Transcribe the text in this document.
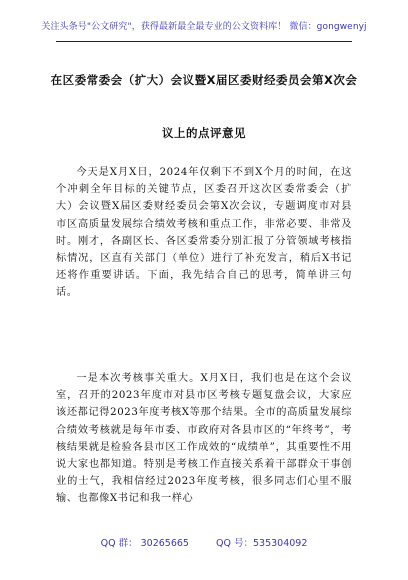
关注头条号"公文研究"，获得最新最全最专业的公文资料库！ 微信：gongwenyj
在区委常委会（扩大）会议暨X届区委财经委员会第X次会
议上的点评意见
今天是X月X日，2024年仅剩下不到X个月的时间，在这个冲刺全年目标的关键节点，区委召开这次区委常委会（扩大）会议暨X届区委财经委员会第X次会议，专题调度市对县市区高质量发展综合绩效考核和重点工作，非常必要、非常及时。刚才，各副区长、各区委常委分别汇报了分管领域考核指标情况，区直有关部门（单位）进行了补充发言，稍后X书记还将作重要讲话。下面，我先结合自己的思考，简单讲三句话。
一是本次考核事关重大。X月X日，我们也是在这个会议室，召开的2023年度市对县市区考核专题复盘会议，大家应该还都记得2023年度考核X等那个结果。全市的高质量发展综合绩效考核就是每年市委、市政府对各县市区的“年终考”，考核结果就是检验各县市区工作成效的“成绩单”，其重要性不用说大家也都知道。特别是考核工作直接关系着干部群众干事创业的士气，我相信经过2023年度考核，很多同志们心里不服输、也都像X书记和我一样心
QQ 群： 30265665	QQ 号：535304092
